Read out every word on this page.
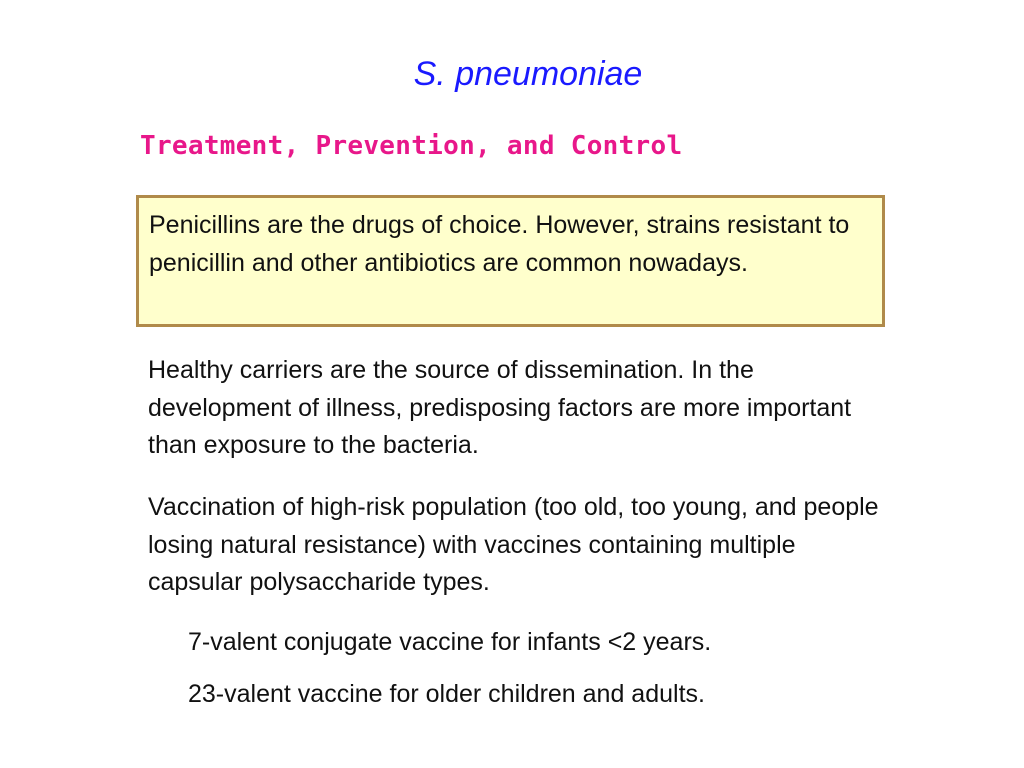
S. pneumoniae
Treatment, Prevention, and Control

Penicillins are the drugs of choice. However, strains resistant to penicillin and other antibiotics are common nowadays.

Healthy carriers are the source of dissemination. In the development of illness, predisposing factors are more important than exposure to the bacteria.

Vaccination of high-risk population (too old, too young, and people losing natural resistance) with vaccines containing multiple capsular polysaccharide types.

7-valent conjugate vaccine for infants <2 years.

23-valent vaccine for older children and adults.
